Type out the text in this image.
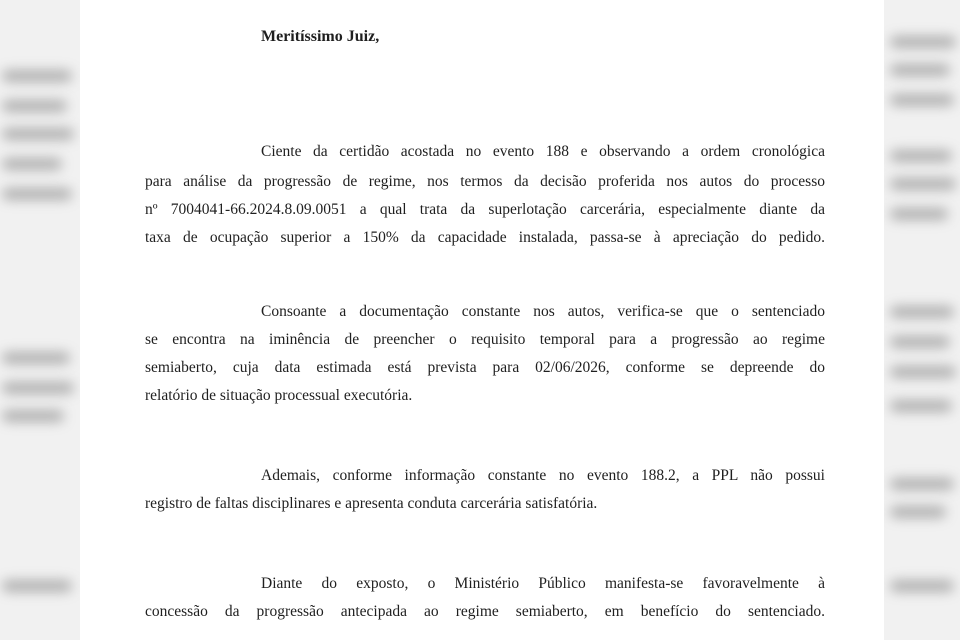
Meritíssimo Juiz,
Ciente da certidão acostada no evento 188 e observando a ordem cronológica
para análise da progressão de regime, nos termos da decisão proferida nos autos do processo
nº 7004041-66.2024.8.09.0051 a qual trata da superlotação carcerária, especialmente diante da
taxa de ocupação superior a 150% da capacidade instalada, passa-se à apreciação do pedido.
Consoante a documentação constante nos autos, verifica-se que o sentenciado
se encontra na iminência de preencher o requisito temporal para a progressão ao regime
semiaberto, cuja data estimada está prevista para 02/06/2026, conforme se depreende do
relatório de situação processual executória.
Ademais, conforme informação constante no evento 188.2, a PPL não possui
registro de faltas disciplinares e apresenta conduta carcerária satisfatória.
Diante do exposto, o Ministério Público manifesta-se favoravelmente à
concessão da progressão antecipada ao regime semiaberto, em benefício do sentenciado.
